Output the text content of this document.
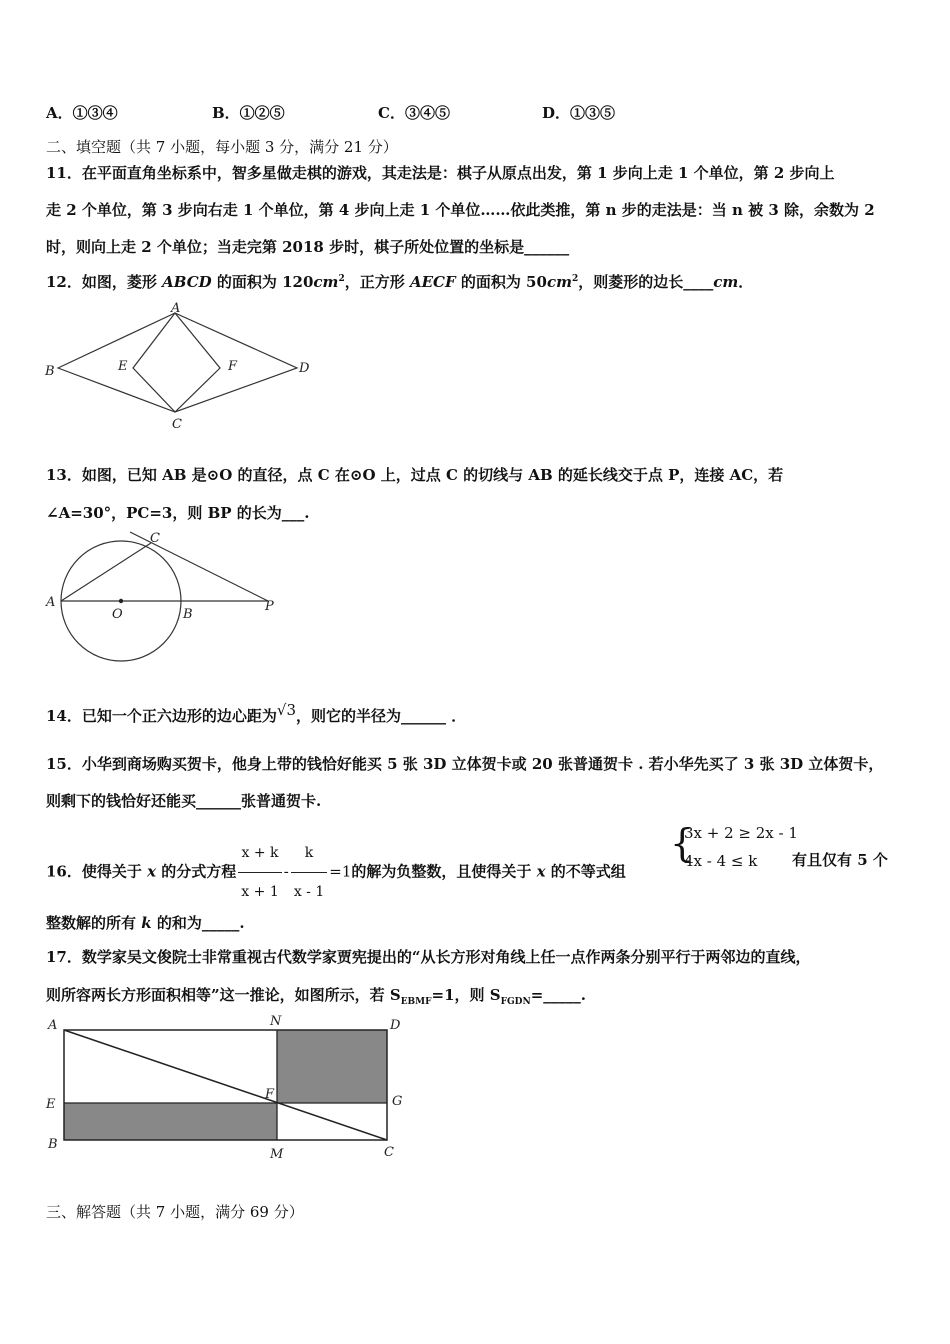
A．①③④	B．①②⑤	C．③④⑤	D．①③⑤
二、填空题（共 7 小题，每小题 3 分，满分 21 分）
11．在平面直角坐标系中，智多星做走棋的游戏，其走法是：棋子从原点出发，第 1 步向上走 1 个单位，第 2 步向上
走 2 个单位，第 3 步向右走 1 个单位，第 4 步向上走 1 个单位……依此类推，第 n 步的走法是：当 n 被 3 除，余数为 2
时，则向上走 2 个单位；当走完第 2018 步时，棋子所处位置的坐标是______
12．如图，菱形 ABCD 的面积为 $120cm^2$，正方形 AECF 的面积为 $50cm^2$，则菱形的边长____cm．
A
B
C
D
E	F
13．如图，已知 AB 是⊙O 的直径，点 C 在⊙O 上，过点 C 的切线与 AB 的延长线交于点 P，连接 AC，若
∠A=30°，PC=3，则 BP 的长为___.
A
O	B
C
P
14．已知一个正六边形的边心距为√3，则它的半径为______ ．
15．小华到商场购买贺卡，他身上带的钱恰好能买 5 张 3D 立体贺卡或 20 张普通贺卡 . 若小华先买了 3 张 3D 立体贺卡，
则剩下的钱恰好还能买______张普通贺卡.
16．使得关于 x 的分式方程 $\frac{x + k}{x + 1} - \frac{k}{x - 1} =1$的解为负整数，且使得关于 x 的不等式组
{
3x + 2 ≥ 2x - 1
4x - 4 ≤ k 有且仅有 5 个
整数解的所有 k 的和为_____.
17．数学家吴文俊院士非常重视古代数学家贾宪提出的“从长方形对角线上任一点作两条分别平行于两邻边的直线，
则所容两长方形面积相等”这一推论，如图所示，若 $S_{EBMF}=1$，则 $S_{FGDN}=\_\_\_\_\_$.
A	N	D
E
F	G
B
M	C
三、解答题（共 7 小题，满分 69 分）
